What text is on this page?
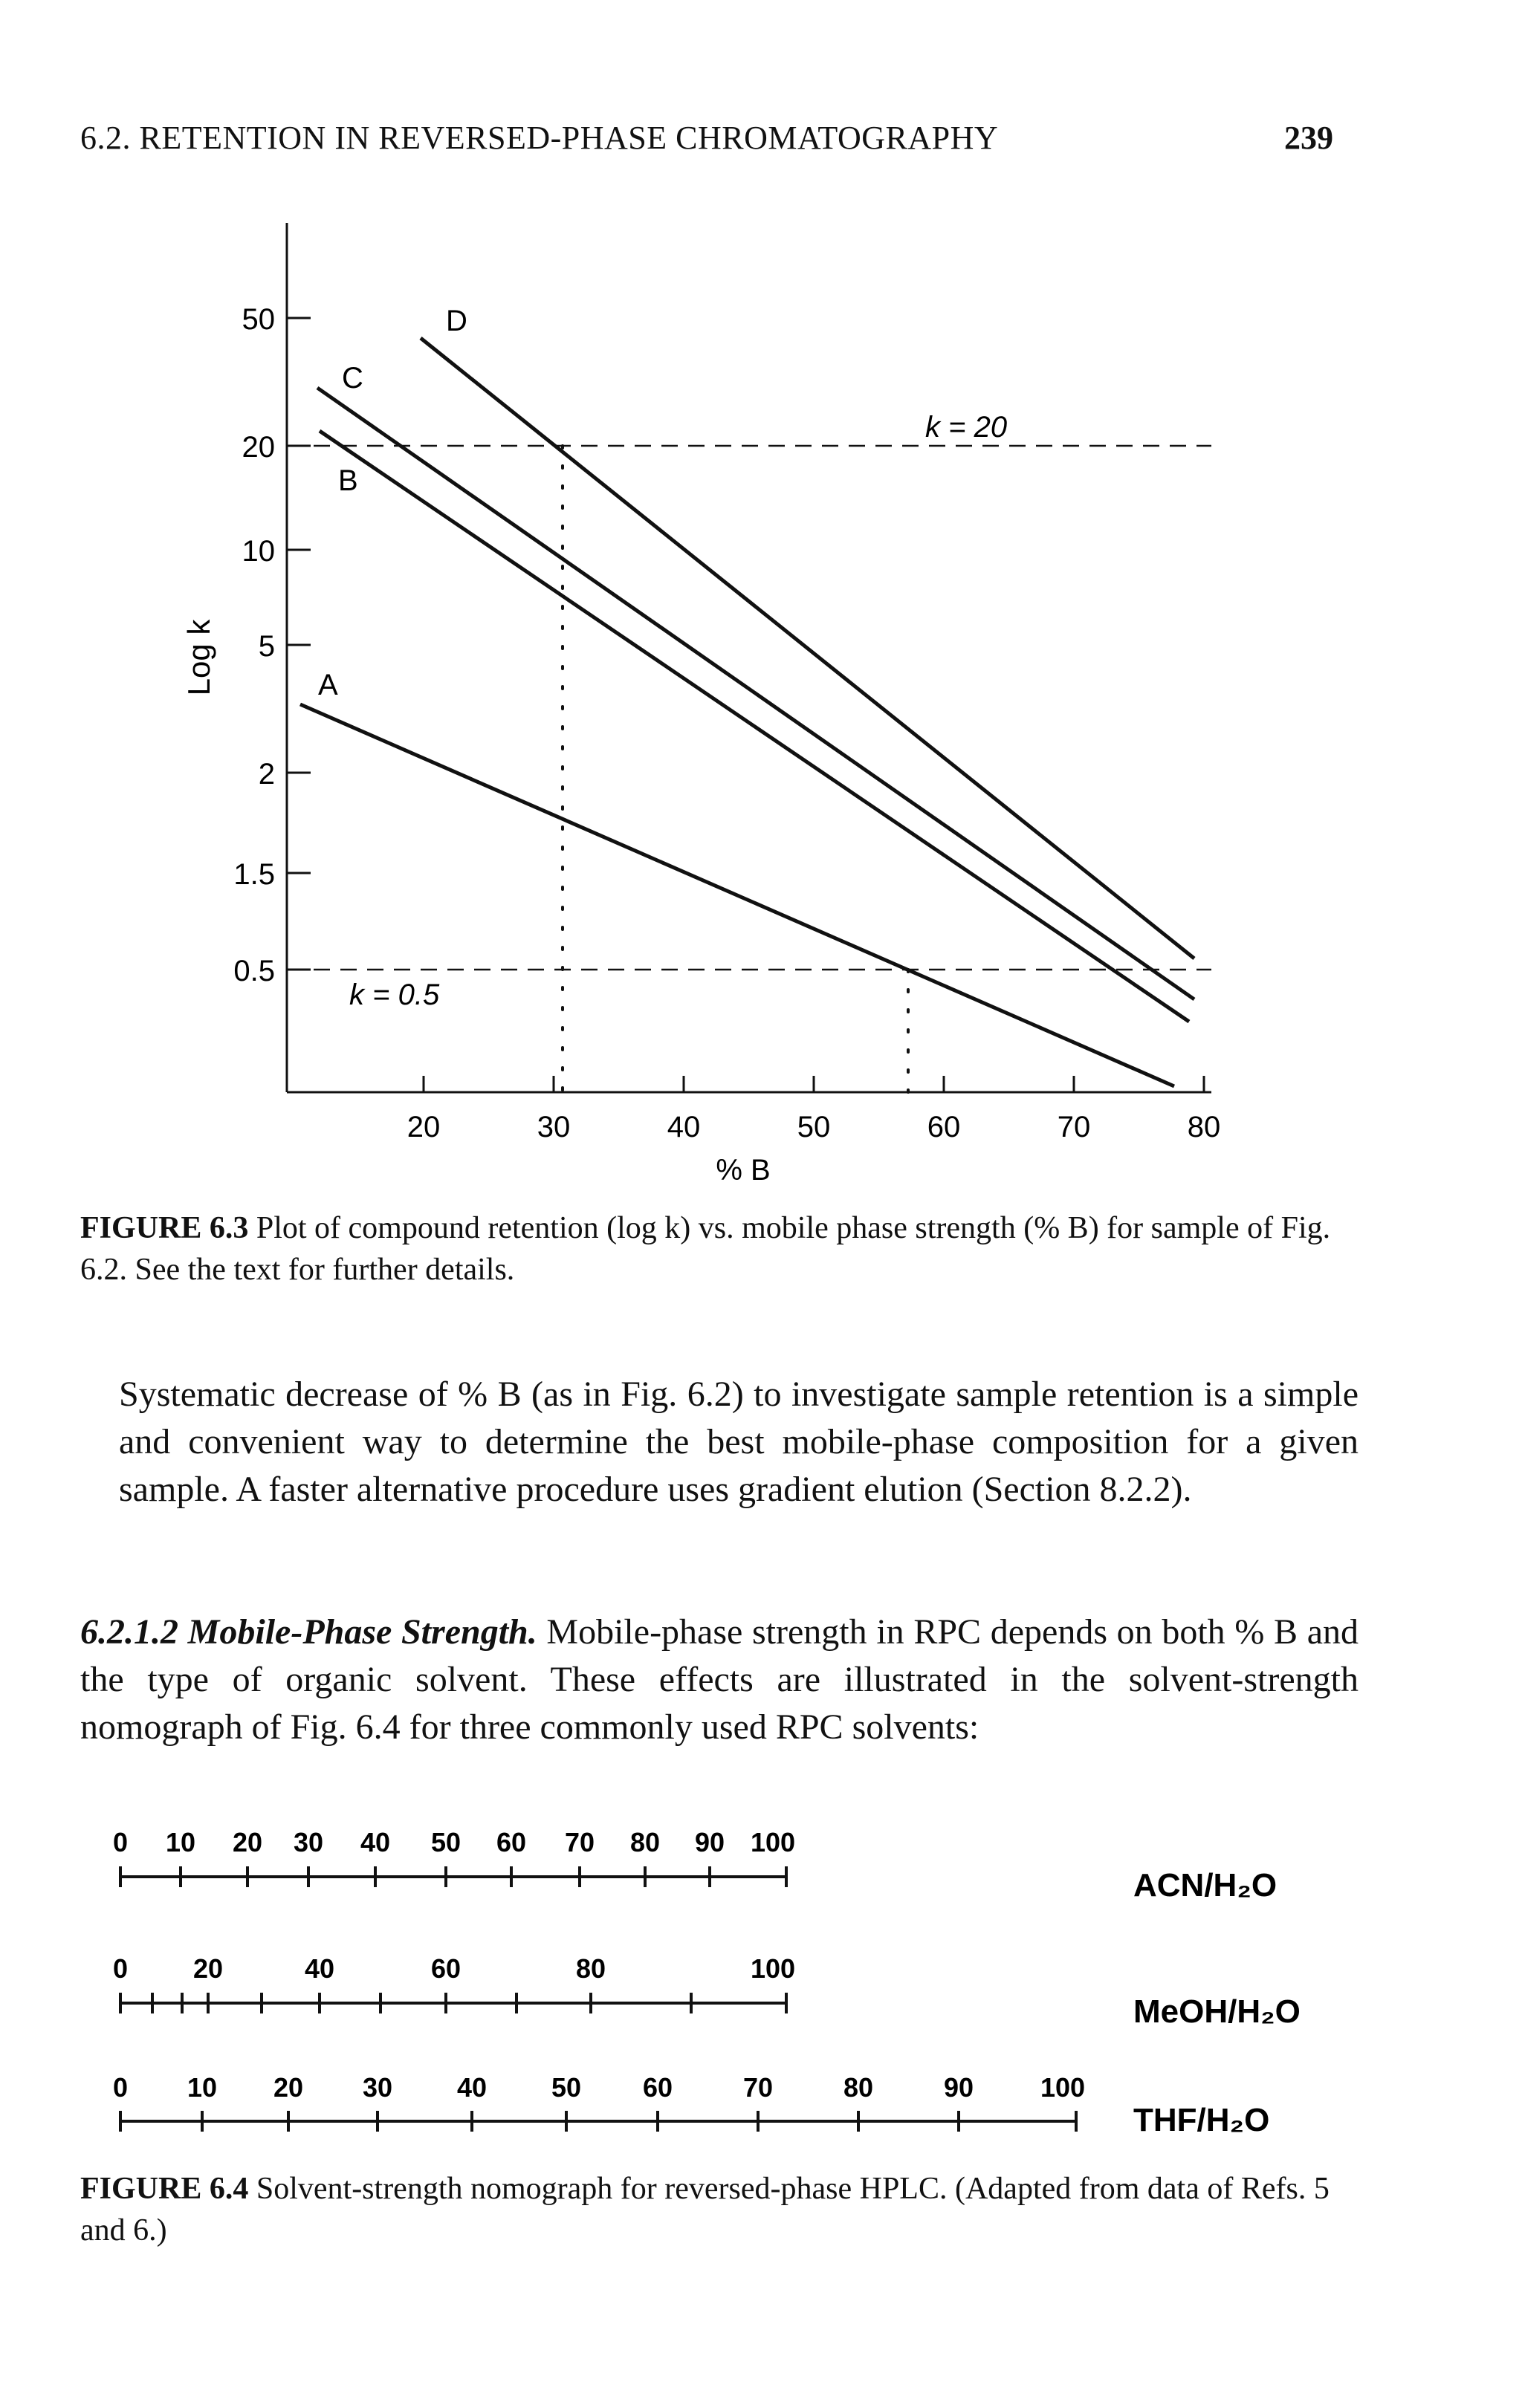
6.2. RETENTION IN REVERSED-PHASE CHROMATOGRAPHY	239
50
20
10
5
2
1.5
0.5
Log k
20	30	40	50	60	70	80
% B
k = 20
k = 0.5
A
B
C
D
FIGURE 6.3 Plot of compound retention (log k) vs. mobile phase strength (% B) for sample of Fig. 6.2. See the text for further details.
Systematic decrease of % B (as in Fig. 6.2) to investigate sample retention is a simple and convenient way to determine the best mobile-phase composition for a given sample. A faster alternative procedure uses gradient elution (Section 8.2.2).
6.2.1.2 Mobile-Phase Strength. Mobile-phase strength in RPC depends on both % B and the type of organic solvent. These effects are illustrated in the solvent-strength nomograph of Fig. 6.4 for three commonly used RPC solvents:
0 10 20 30 40 50 60 70 80 90 100
ACN/H₂O
0 20	40	60	80	100
MeOH/H₂O
0 10 20 30 40 50 60	70	80	90 100
THF/H₂O
FIGURE 6.4 Solvent-strength nomograph for reversed-phase HPLC. (Adapted from data of Refs. 5 and 6.)
